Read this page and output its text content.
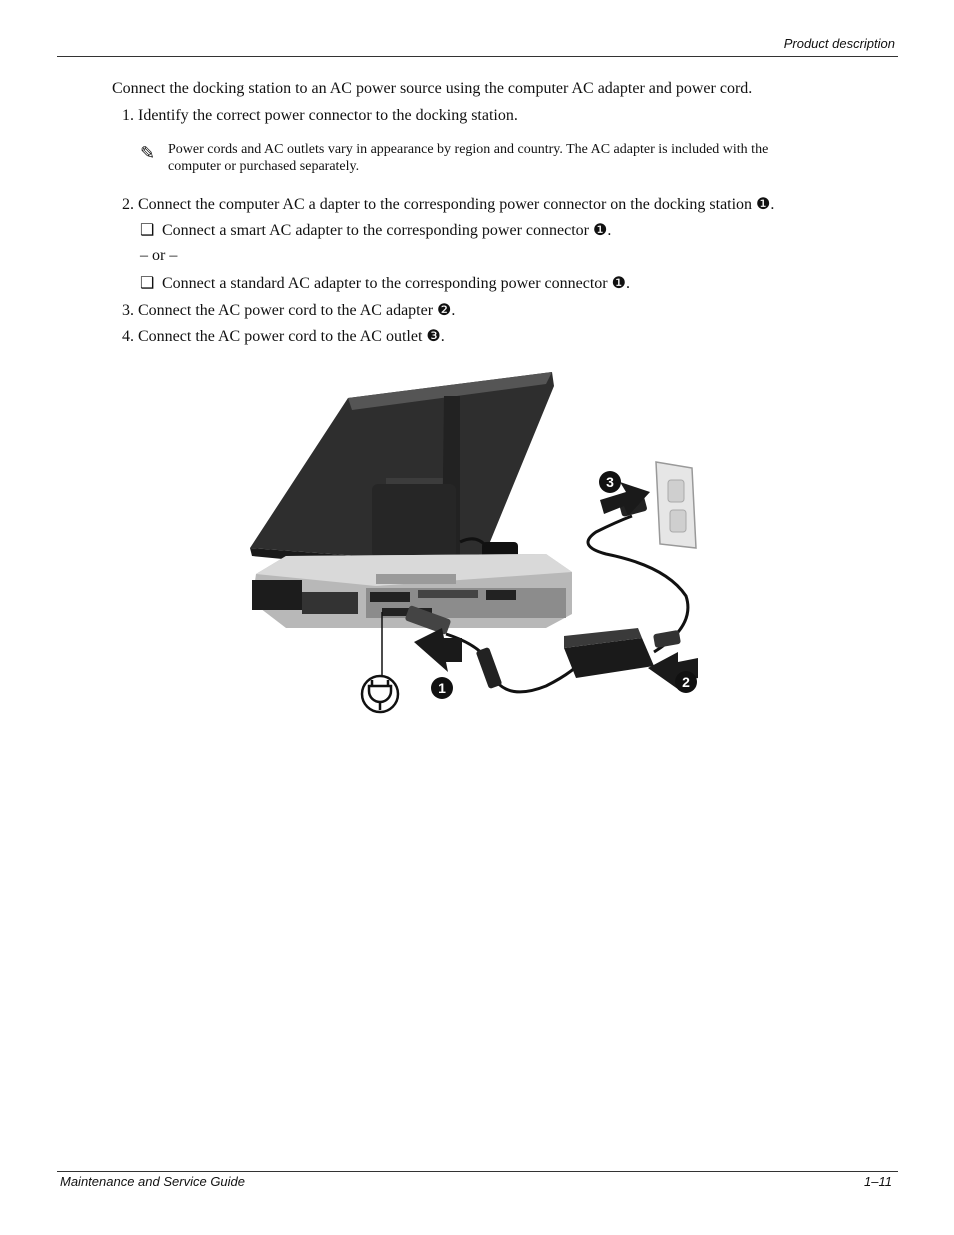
Product description
Connect the docking station to an AC power source using the computer AC adapter and power cord.
1. Identify the correct power connector to the docking station.
✎ Power cords and AC outlets vary in appearance by region and country. The AC adapter is included with the
computer or purchased separately.
2. Connect the computer AC a dapter to the corresponding power connector on the docking station ❶.
❑ Connect a smart AC adapter to the corresponding power connector ❶.
– or –
❑ Connect a standard AC adapter to the corresponding power connector ❶.
3. Connect the AC power cord to the AC adapter ❷.
4. Connect the AC power cord to the AC outlet ❸.
1	2
3
Maintenance and Service Guide	1–11
